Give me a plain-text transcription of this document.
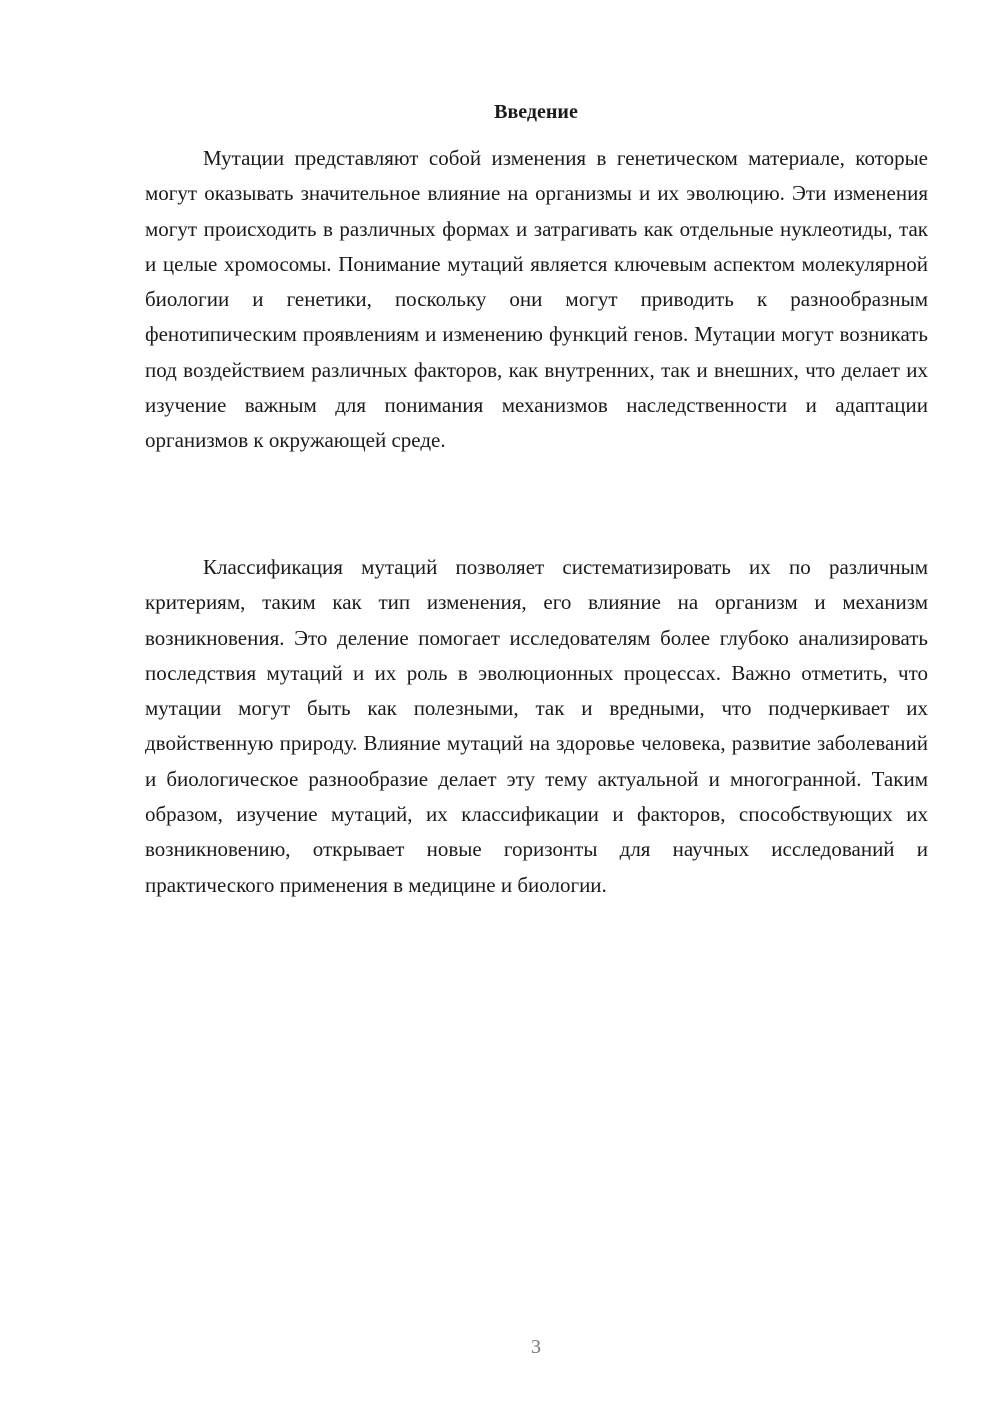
Введение

Мутации представляют собой изменения в генетическом материале, которые могут оказывать значительное влияние на организмы и их эволюцию. Эти изменения могут происходить в различных формах и затрагивать как отдельные нуклеотиды, так и целые хромосомы. Понимание мутаций является ключевым аспектом молекулярной биологии и генетики, поскольку они могут приводить к разнообразным фенотипическим проявлениям и изменению функций генов. Мутации могут возникать под воздействием различных факторов, как внутренних, так и внешних, что делает их изучение важным для понимания механизмов наследственности и адаптации организмов к окружающей среде.

Классификация мутаций позволяет систематизировать их по различным критериям, таким как тип изменения, его влияние на организм и механизм возникновения. Это деление помогает исследователям более глубоко анализировать последствия мутаций и их роль в эволюционных процессах. Важно отметить, что мутации могут быть как полезными, так и вредными, что подчеркивает их двойственную природу. Влияние мутаций на здоровье человека, развитие заболеваний и биологическое разнообразие делает эту тему актуальной и многогранной. Таким образом, изучение мутаций, их классификации и факторов, способствующих их возникновению, открывает новые горизонты для научных исследований и практического применения в медицине и биологии.

3
